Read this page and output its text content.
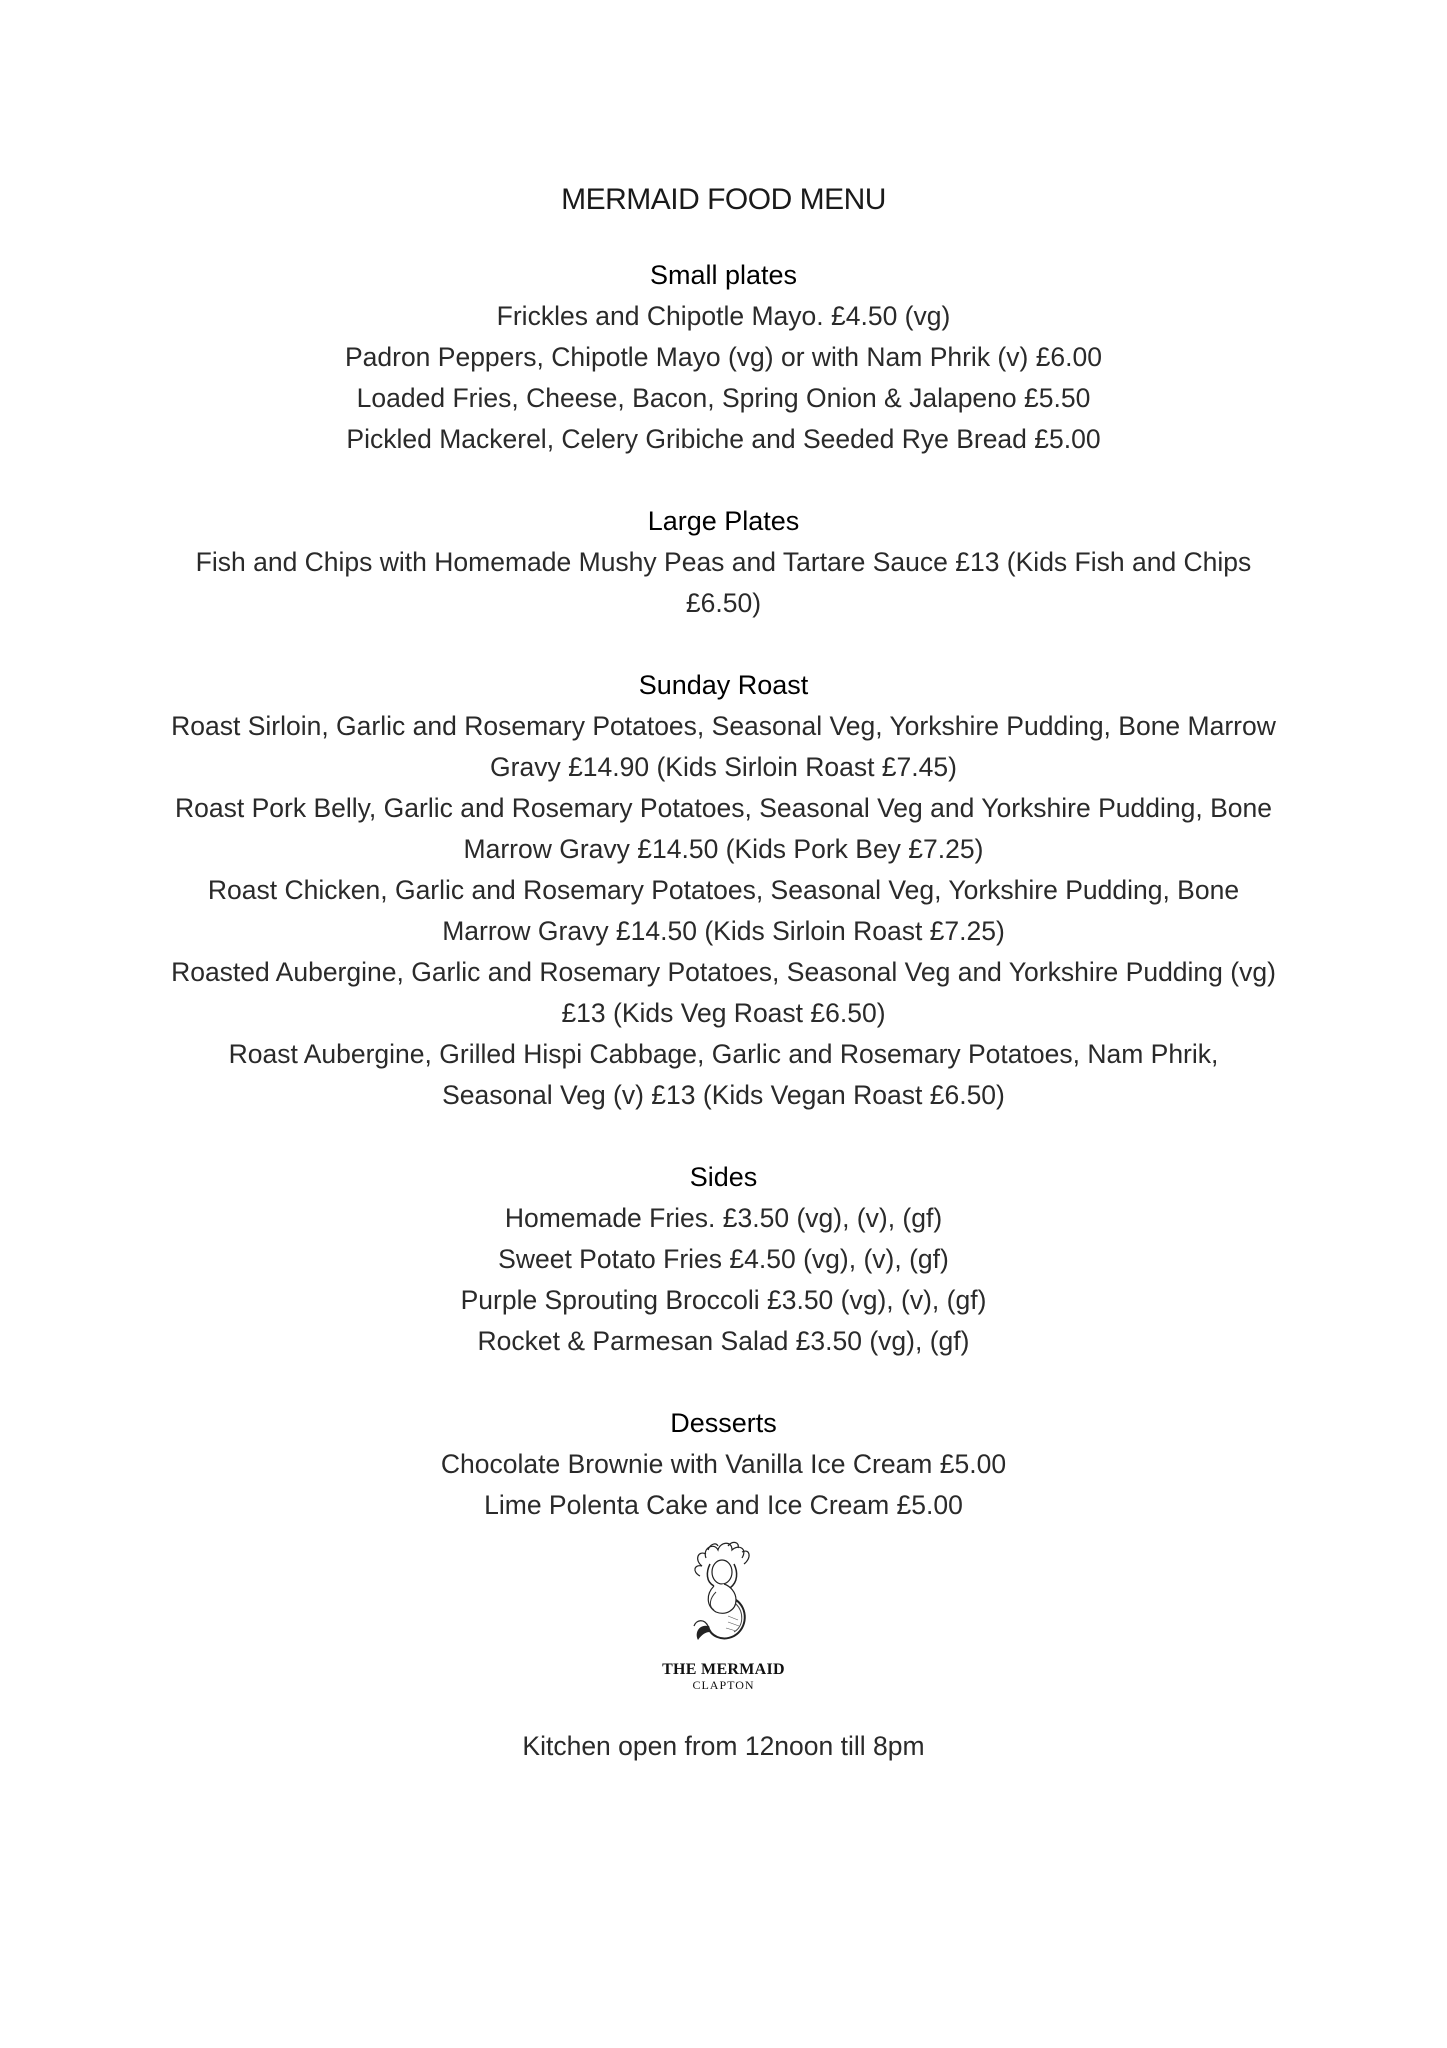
MERMAID FOOD MENU
Small plates

Frickles and Chipotle Mayo. £4.50 (vg)

Padron Peppers, Chipotle Mayo (vg) or with Nam Phrik (v) £6.00

Loaded Fries, Cheese, Bacon, Spring Onion & Jalapeno £5.50

Pickled Mackerel, Celery Gribiche and Seeded Rye Bread £5.00

Large Plates

Fish and Chips with Homemade Mushy Peas and Tartare Sauce £13 (Kids Fish and Chips £6.50)

Sunday Roast

Roast Sirloin, Garlic and Rosemary Potatoes, Seasonal Veg, Yorkshire Pudding, Bone Marrow Gravy £14.90 (Kids Sirloin Roast £7.45)

Roast Pork Belly, Garlic and Rosemary Potatoes, Seasonal Veg and Yorkshire Pudding, Bone Marrow Gravy £14.50 (Kids Pork Bey £7.25)

Roast Chicken, Garlic and Rosemary Potatoes, Seasonal Veg, Yorkshire Pudding, Bone Marrow Gravy £14.50 (Kids Sirloin Roast £7.25)

Roasted Aubergine, Garlic and Rosemary Potatoes, Seasonal Veg and Yorkshire Pudding (vg) £13 (Kids Veg Roast £6.50)

Roast Aubergine, Grilled Hispi Cabbage, Garlic and Rosemary Potatoes, Nam Phrik, Seasonal Veg (v) £13 (Kids Vegan Roast £6.50)

Sides

Homemade Fries. £3.50 (vg), (v), (gf)

Sweet Potato Fries £4.50 (vg), (v), (gf)

Purple Sprouting Broccoli £3.50 (vg), (v), (gf)

Rocket & Parmesan Salad £3.50 (vg), (gf)

Desserts

Chocolate Brownie with Vanilla Ice Cream £5.00

Lime Polenta Cake and Ice Cream £5.00

THE MERMAID
CLAPTON
Kitchen open from 12noon till 8pm
